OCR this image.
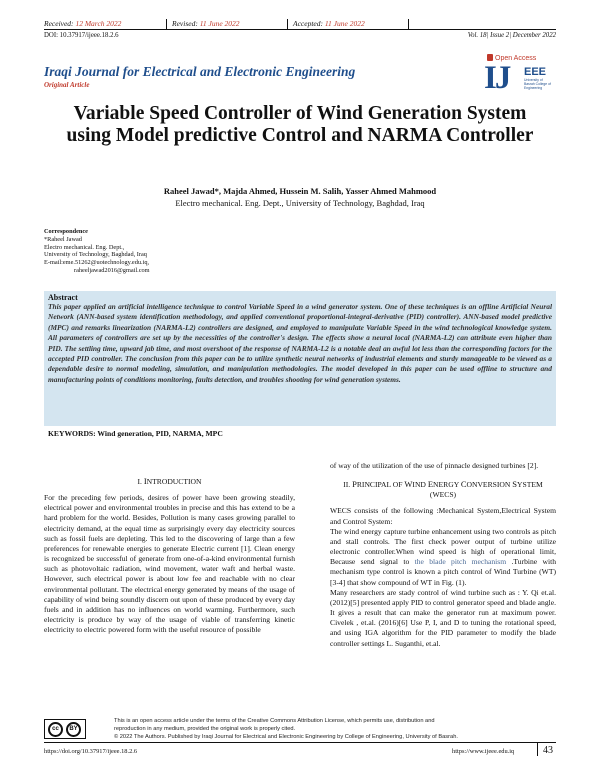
Received: 12 March 2022	Revised: 11 June 2022	Accepted: 11 June 2022
DOI: 10.37917/ijeee.18.2.6	Vol. 18| Issue 2| December 2022
Open Access
Iraqi Journal for Electrical and Electronic Engineering
Original Article	IJ EEE
University of Basrah College of Engineering
Variable Speed Controller of Wind Generation System using Model predictive Control and NARMA Controller
Raheel Jawad*, Majda Ahmed, Hussein M. Salih, Yasser Ahmed Mahmood
Electro mechanical. Eng. Dept., University of Technology, Baghdad, Iraq
Correspondence
*Raheel Jawad
Electro mechanical. Eng. Dept.,
University of Technology, Baghdad, Iraq
E-mail:eme.51262@uotechnology.edu.iq,
raheeljawad2016@gmail.com
Abstract
This paper applied an artificial intelligence technique to control Variable Speed in a wind generator system. One of these techniques is an offline Artificial Neural Network (ANN-based system identification methodology, and applied conventional proportional-integral-derivative (PID) controller). ANN-based model predictive (MPC) and remarks linearization (NARMA-L2) controllers are designed, and employed to manipulate Variable Speed in the wind technological knowledge system. All parameters of controllers are set up by the necessities of the controller's design. The effects show a neural local (NARMA-L2) can attribute even higher than PID. The settling time, upward jab time, and most overshoot of the response of NARMA-L2 is a notable deal an awful lot less than the corresponding factors for the accepted PID controller. The conclusion from this paper can be to utilize synthetic neural networks of industrial elements and sturdy manageable to be viewed as a dependable desire to normal modeling, simulation, and manipulation methodologies. The model developed in this paper can be used offline to structure and manufacturing points of conditions monitoring, faults detection, and troubles shooting for wind generation systems.
KEYWORDS: Wind generation, PID, NARMA, MPC
I. INTRODUCTION

For the preceding few periods, desires of power have been growing steadily, electrical power and environmental troubles in precise and this has extend to be a hard problem for the world. Besides, Pollution is many cases growing parallel to electricity demand, at the equal time as surprisingly every day electricity sources such as fossil fuels are depleting. This led to the discovering of large than a few preferences for renewable energies to generate Electric current [1]. Clean energy is recognized be successful of generate from one-of-a-kind environmental furnish such as photovoltaic radiation, wind movement, water waft and herbal waste. However, such electrical power is about low fee and reachable with no clear environmental pollutant. The electrical energy generated by means of the usage of capability of wind being soundly discern out upon of these produced by every day fuels and in addition has no influences on world warming. Furthermore, such electricity is produce by way of the usage of viable of transferring kinetic electricity to electric powered form with the useful resource of possible

of way of the utilization of the use of pinnacle designed turbines [2].

II. PRINCIPAL OF WIND ENERGY CONVERSION SYSTEM
(WECS)

WECS consists of the following :Mechanical System,Electrical System and Control System:

The wind energy capture turbine enhancement using two controls as pitch and stall controls. The first check power output of turbine utilize electronic controller.When wind speed is high of operational limit, Because send signal to the blade pitch mechanism .Turbine with mechanism type control is known a pitch control of Wind Turbine (WT)[3-4] that show compound of WT in Fig. (1).

Many researchers are stady control of wind turbine such as : Y. Qi et.al. (2012)[5] presented apply PID to control generator speed and blade angle. It gives a result that can make the generator run at maximum power. Civelek , et.al. (2016)[6] Use P, I, and D to tuning the rotational speed, and using IGA algorithm for the PID parameter to modify the blade controller settings L. Suganthi, et.al.

cc	BY
This is an open access article under the terms of the Creative Commons Attribution License, which permits use, distribution and
reproduction in any medium, provided the original work is properly cited.
© 2022 The Authors. Published by Iraqi Journal for Electrical and Electronic Engineering by College of Engineering, University of Basrah.
https://doi.org/10.37917/ijeee.18.2.6	https://www.ijeee.edu.iq	43
